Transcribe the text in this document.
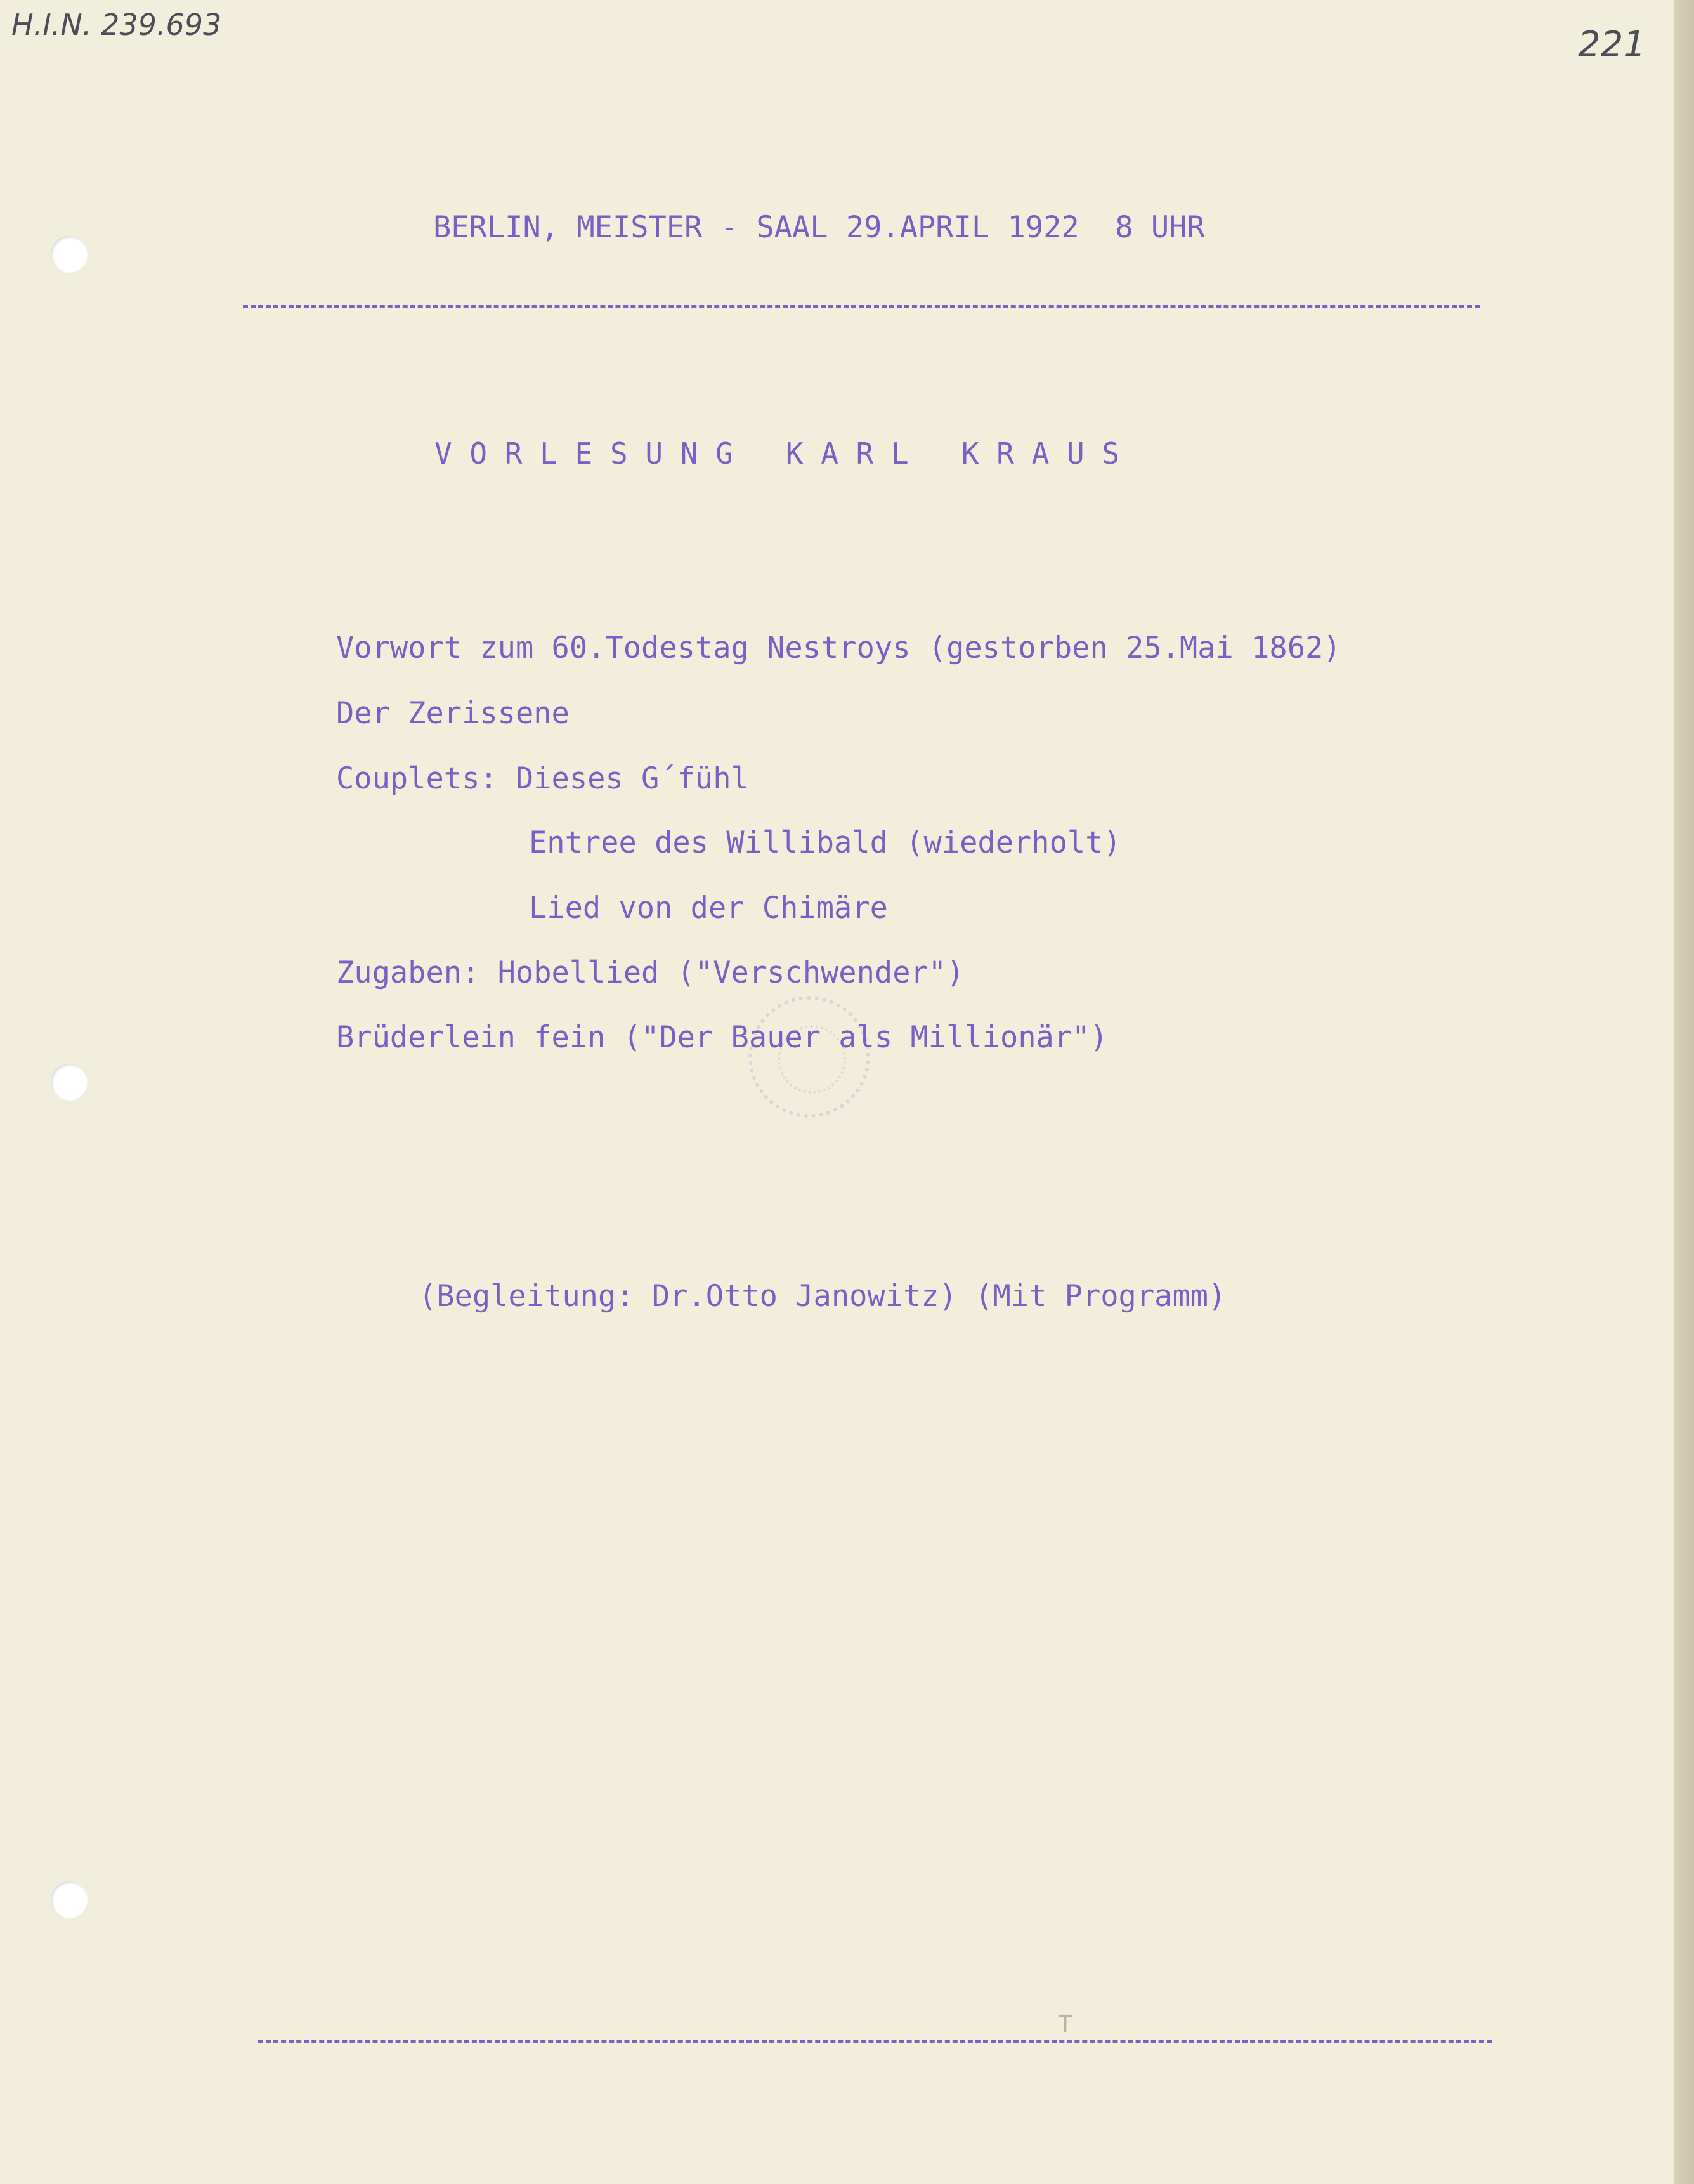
H.I.N. 239.693	221
BERLIN, MEISTER - SAAL 29.APRIL 1922  8 UHR
V O R L E S U N G   K A R L   K R A U S
Vorwort zum 60.Todestag Nestroys (gestorben 25.Mai 1862)
Der Zerissene
Couplets: Dieses G´fühl
Entree des Willibald (wiederholt)
Lied von der Chimäre
Zugaben: Hobellied ("Verschwender")
Brüderlein fein ("Der Bauer als Millionär")
(Begleitung: Dr.Otto Janowitz) (Mit Programm)
T
